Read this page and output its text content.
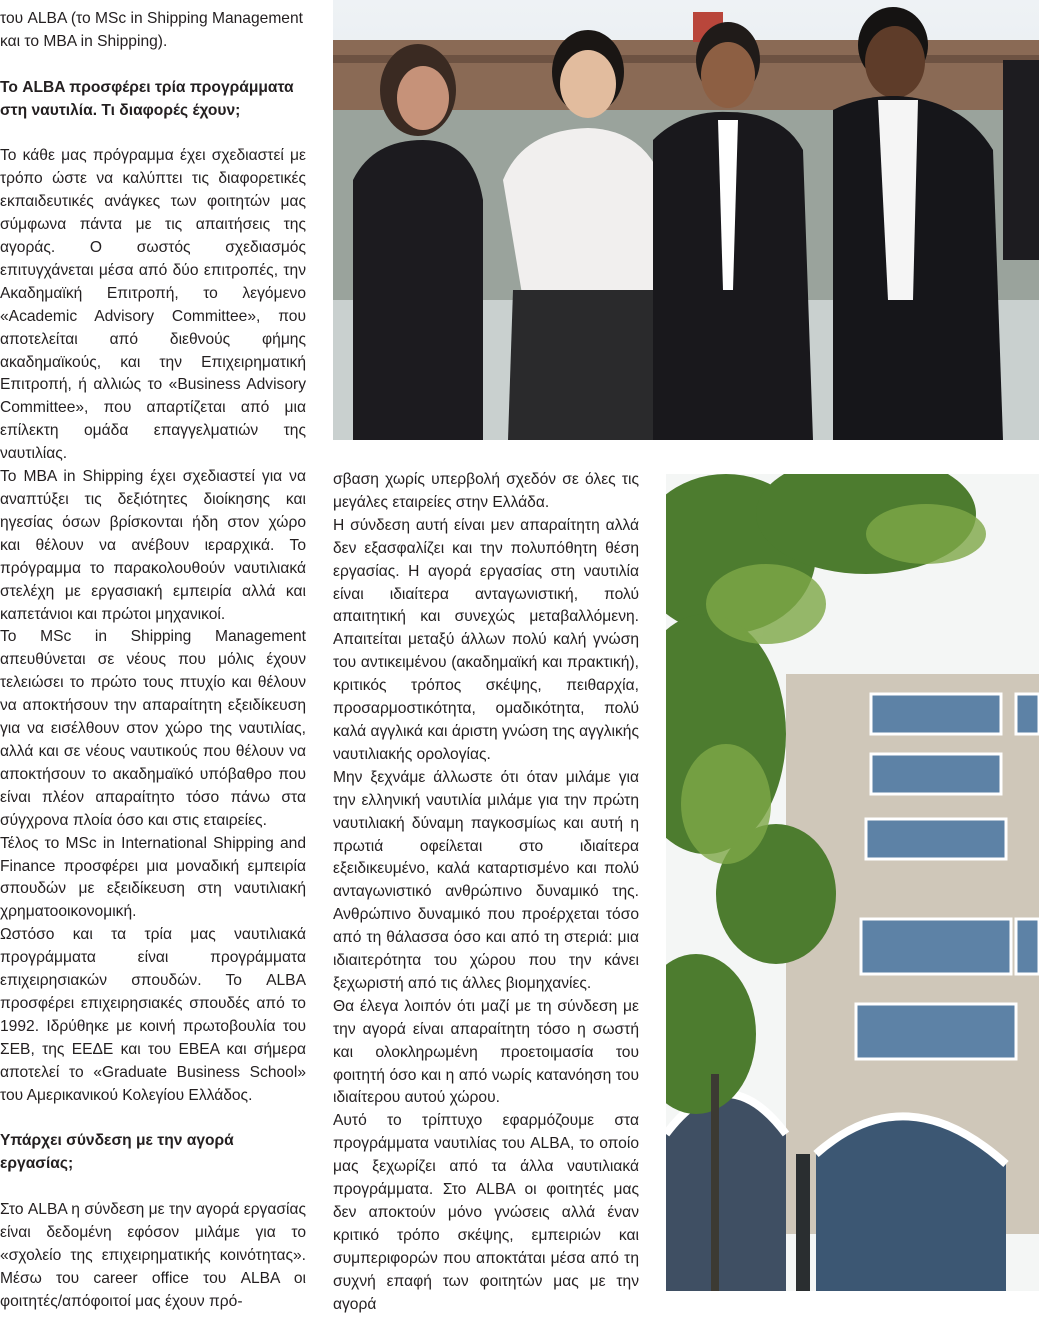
του ALBA (το MSc in Shipping Management

και το MBA in Shipping).

Το ALBA προσφέρει τρία προγράμματα στη ναυτιλία. Τι διαφορές έχουν;

Το κάθε μας πρόγραμμα έχει σχεδιαστεί με τρόπο ώστε να καλύπτει τις διαφορετικές εκπαιδευτικές ανάγκες των φοιτητών μας σύμφωνα πάντα με τις απαιτήσεις της αγοράς. Ο σωστός σχεδιασμός επιτυγχάνεται μέσα από δύο επιτροπές, την Ακαδημαϊκή Επιτροπή, το λεγόμενο «Academic Advisory Committee», που αποτελείται από διεθνούς φήμης ακαδημαϊκούς, και την Επιχειρηματική Επιτροπή, ή αλλιώς το «Business Advisory Committee», που απαρτίζεται από μια επίλεκτη ομάδα επαγγελματιών της ναυτιλίας.

Το MBA in Shipping έχει σχεδιαστεί για να αναπτύξει τις δεξιότητες διοίκησης και ηγεσίας όσων βρίσκονται ήδη στον χώρο και θέλουν να ανέβουν ιεραρχικά. Το πρόγραμμα το παρακολουθούν ναυτιλιακά στελέχη με εργασιακή εμπειρία αλλά και καπετάνιοι και πρώτοι μηχανικοί.

Το MSc in Shipping Management απευθύνεται σε νέους που μόλις έχουν τελειώσει το πρώτο τους πτυχίο και θέλουν να αποκτήσουν την απαραίτητη εξειδίκευση για να εισέλθουν στον χώρο της ναυτιλίας, αλλά και σε νέους ναυτικούς που θέλουν να αποκτήσουν το ακαδημαϊκό υπόβαθρο που είναι πλέον απαραίτητο τόσο πάνω στα σύγχρονα πλοία όσο και στις εταιρείες.

Τέλος το MSc in International Shipping and Finance προσφέρει μια μοναδική εμπειρία σπουδών με εξειδίκευση στη ναυτιλιακή χρηματοοικονομική.

Ωστόσο και τα τρία μας ναυτιλιακά προγράμματα είναι προγράμματα επιχειρησιακών σπουδών. Το ALBA προσφέρει επιχειρησιακές σπουδές από το 1992. Ιδρύθηκε με κοινή πρωτοβουλία του ΣΕΒ, της ΕΕΔΕ και του ΕΒΕΑ και σήμερα αποτελεί το «Graduate Business School» του Αμερικανικού Κολεγίου Ελλάδος.

Υπάρχει σύνδεση με την αγορά εργασίας;

Στο ALBA η σύνδεση με την αγορά εργασίας είναι δεδομένη εφόσον μιλάμε για το «σχολείο της επιχειρηματικής κοινότητας». Μέσω του career office του ALBA οι φοιτητές/απόφοιτοί μας έχουν πρό-

σβαση χωρίς υπερβολή σχεδόν σε όλες τις μεγάλες εταιρείες στην Ελλάδα.

Η σύνδεση αυτή είναι μεν απαραίτητη αλλά δεν εξασφαλίζει και την πολυπόθητη θέση εργασίας. Η αγορά εργασίας στη ναυτιλία είναι ιδιαίτερα ανταγωνιστική, πολύ απαιτητική και συνεχώς μεταβαλλόμενη. Απαιτείται μεταξύ άλλων πολύ καλή γνώση του αντικειμένου (ακαδημαϊκή και πρακτική), κριτικός τρόπος σκέψης, πειθαρχία, προσαρμοστικότητα, ομαδικότητα, πολύ καλά αγγλικά και άριστη γνώση της αγγλικής ναυτιλιακής ορολογίας.

Μην ξεχνάμε άλλωστε ότι όταν μιλάμε για την ελληνική ναυτιλία μιλάμε για την πρώτη ναυτιλιακή δύναμη παγκοσμίως και αυτή η πρωτιά οφείλεται στο ιδιαίτερα εξειδικευμένο, καλά καταρτισμένο και πολύ ανταγωνιστικό ανθρώπινο δυναμικό της. Ανθρώπινο δυναμικό που προέρχεται τόσο από τη θάλασσα όσο και από τη στεριά: μια ιδιαιτερότητα του χώρου που την κάνει ξεχωριστή από τις άλλες βιομηχανίες.

Θα έλεγα λοιπόν ότι μαζί με τη σύνδεση με την αγορά είναι απαραίτητη τόσο η σωστή και ολοκληρωμένη προετοιμασία του φοιτητή όσο και η από νωρίς κατανόηση του ιδιαίτερου αυτού χώρου.

Αυτό το τρίπτυχο εφαρμόζουμε στα προγράμματα ναυτιλίας του ALBA, το οποίο μας ξεχωρίζει από τα άλλα ναυτιλιακά προγράμματα. Στο ALBA οι φοιτητές μας δεν αποκτούν μόνο γνώσεις αλλά έναν κριτικό τρόπο σκέψης, εμπειριών και συμπεριφορών που αποκτάται μέσα από τη συχνή επαφή των φοιτητών μας με την αγορά
